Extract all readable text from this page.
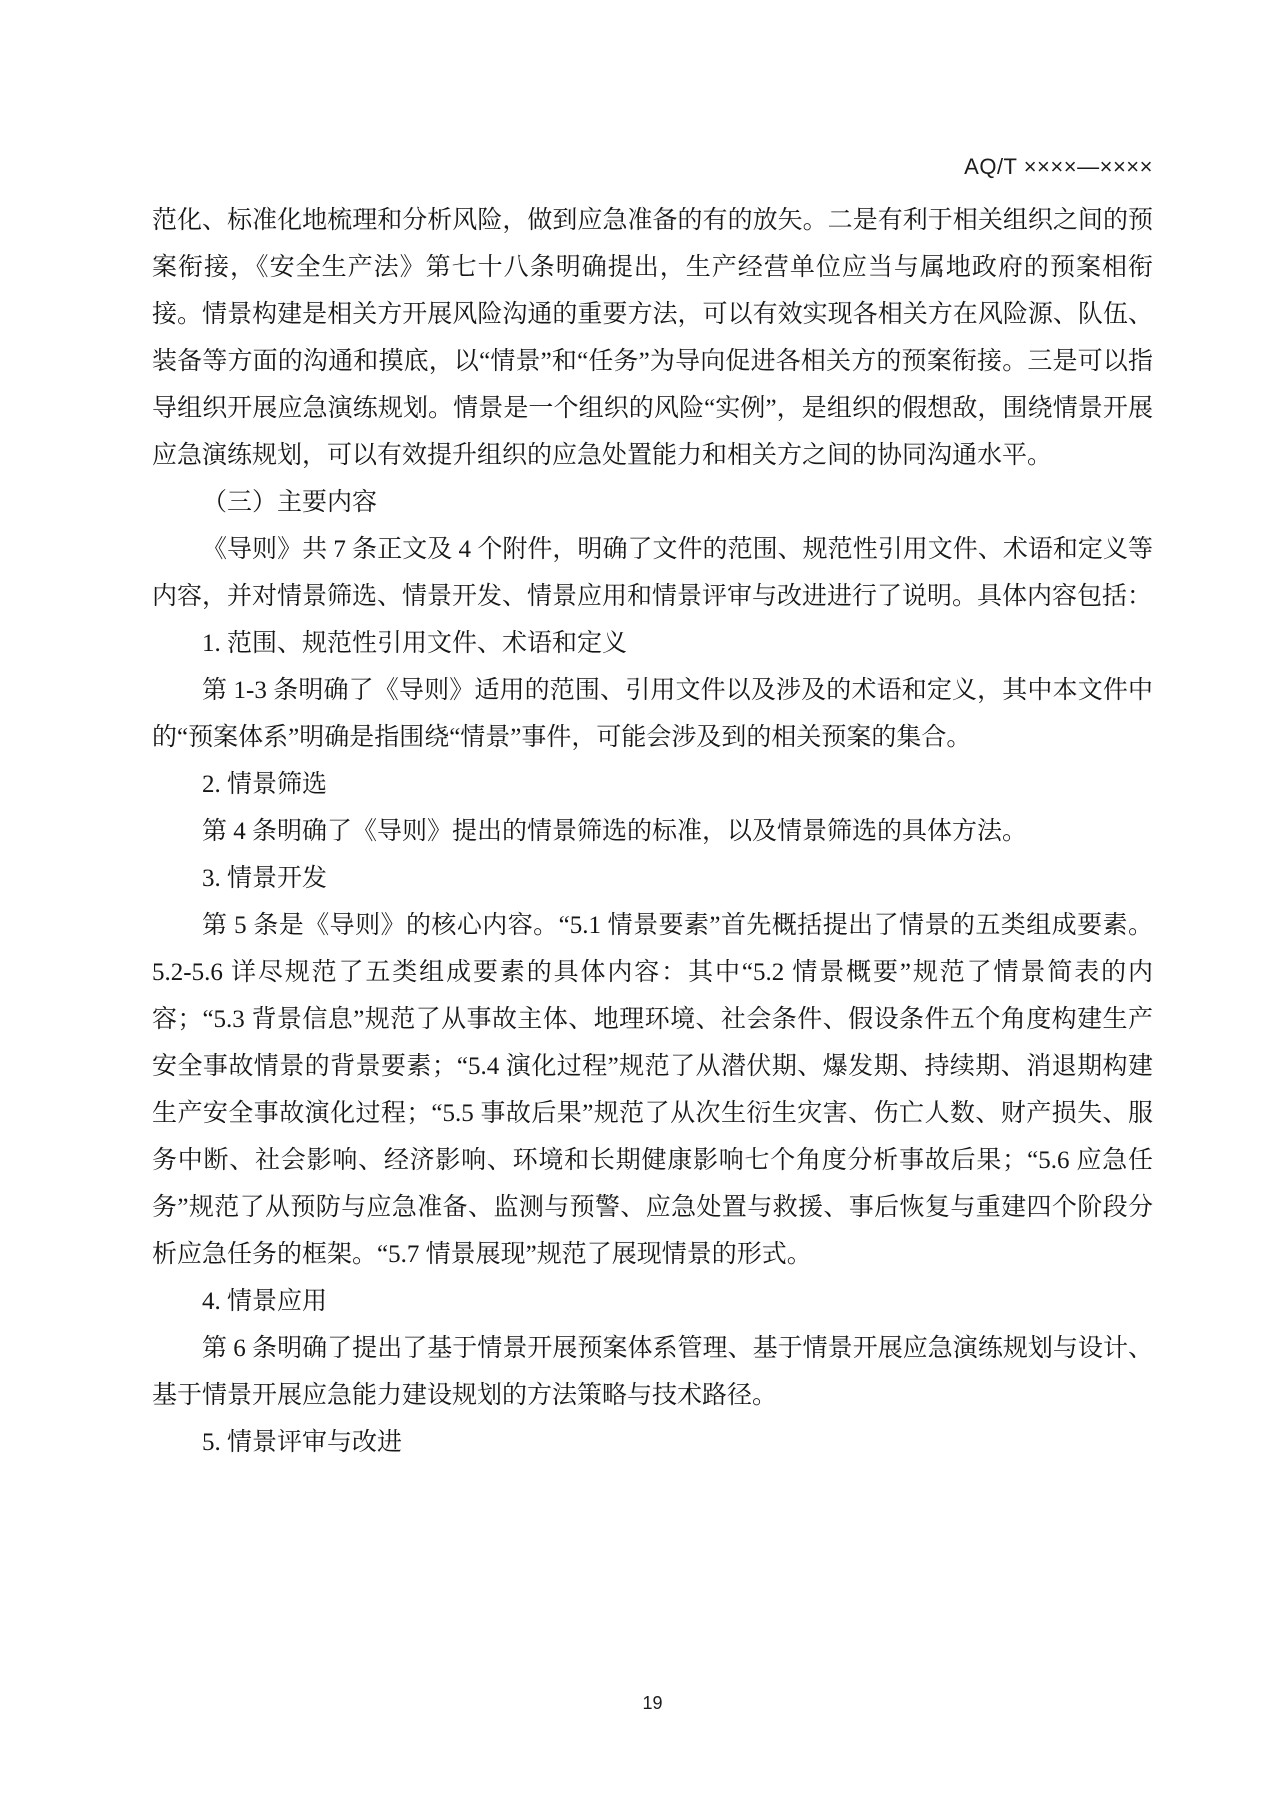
AQ/T ××××—××××

范化、标准化地梳理和分析风险，做到应急准备的有的放矢。二是有利于相关组织之间的预案衔接，《安全生产法》第七十八条明确提出，生产经营单位应当与属地政府的预案相衔接。情景构建是相关方开展风险沟通的重要方法，可以有效实现各相关方在风险源、队伍、装备等方面的沟通和摸底，以“情景”和“任务”为导向促进各相关方的预案衔接。三是可以指导组织开展应急演练规划。情景是一个组织的风险“实例”，是组织的假想敌，围绕情景开展应急演练规划，可以有效提升组织的应急处置能力和相关方之间的协同沟通水平。

（三）主要内容

《导则》共 7 条正文及 4 个附件，明确了文件的范围、规范性引用文件、术语和定义等内容，并对情景筛选、情景开发、情景应用和情景评审与改进进行了说明。具体内容包括：

1. 范围、规范性引用文件、术语和定义

第 1-3 条明确了《导则》适用的范围、引用文件以及涉及的术语和定义，其中本文件中的“预案体系”明确是指围绕“情景”事件，可能会涉及到的相关预案的集合。

2. 情景筛选

第 4 条明确了《导则》提出的情景筛选的标准，以及情景筛选的具体方法。

3. 情景开发

第 5 条是《导则》的核心内容。“5.1 情景要素”首先概括提出了情景的五类组成要素。5.2-5.6 详尽规范了五类组成要素的具体内容：其中“5.2 情景概要”规范了情景简表的内容；“5.3 背景信息”规范了从事故主体、地理环境、社会条件、假设条件五个角度构建生产安全事故情景的背景要素；“5.4 演化过程”规范了从潜伏期、爆发期、持续期、消退期构建生产安全事故演化过程；“5.5 事故后果”规范了从次生衍生灾害、伤亡人数、财产损失、服务中断、社会影响、经济影响、环境和长期健康影响七个角度分析事故后果；“5.6 应急任务”规范了从预防与应急准备、监测与预警、应急处置与救援、事后恢复与重建四个阶段分析应急任务的框架。“5.7 情景展现”规范了展现情景的形式。

4. 情景应用

第 6 条明确了提出了基于情景开展预案体系管理、基于情景开展应急演练规划与设计、基于情景开展应急能力建设规划的方法策略与技术路径。

5. 情景评审与改进

19
